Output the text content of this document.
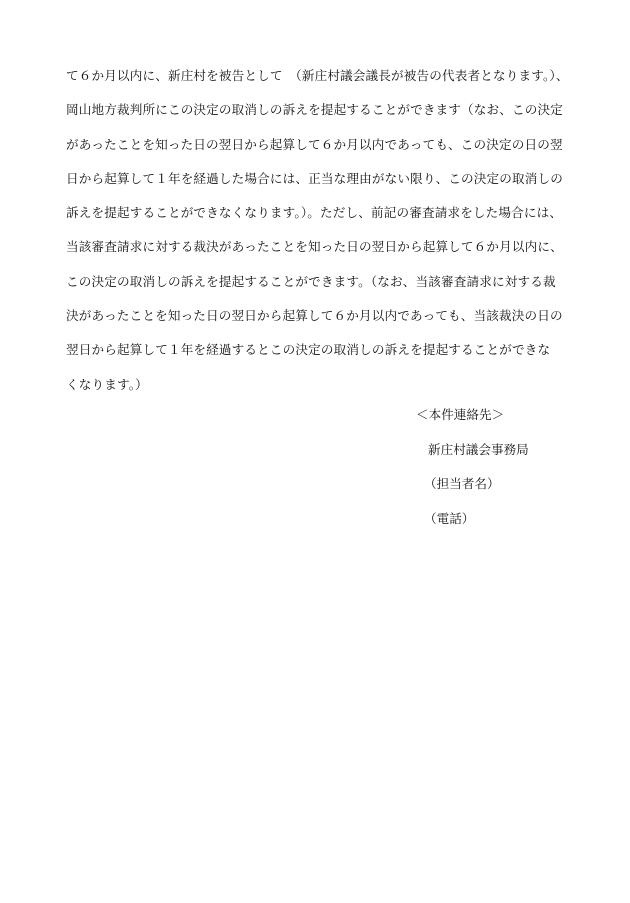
て６か月以内に、新庄村を被告として　（新庄村議会議長が被告の代表者となります。）、
岡山地方裁判所にこの決定の取消しの訴えを提起することができます（なお、この決定
があったことを知った日の翌日から起算して６か月以内であっても、この決定の日の翌
日から起算して１年を経過した場合には、正当な理由がない限り、この決定の取消しの
訴えを提起することができなくなります。）。ただし、前記の審査請求をした場合には、
当該審査請求に対する裁決があったことを知った日の翌日から起算して６か月以内に、
この決定の取消しの訴えを提起することができます。（なお、当該審査請求に対する裁
決があったことを知った日の翌日から起算して６か月以内であっても、当該裁決の日の
翌日から起算して１年を経過するとこの決定の取消しの訴えを提起することができな
くなります。）
＜本件連絡先＞
新庄村議会事務局
（担当者名）
（電話）
